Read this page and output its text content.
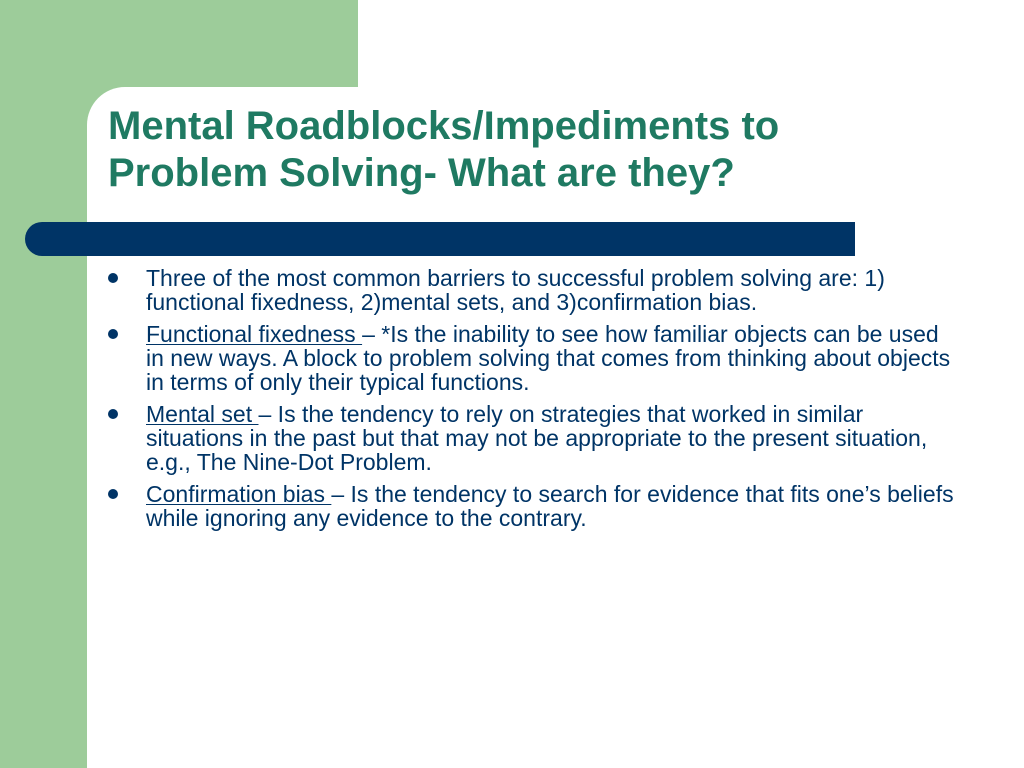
Mental Roadblocks/Impediments to
Problem Solving- What are they?
Three of the most common barriers to successful problem solving are: 1) functional fixedness, 2)mental sets, and 3)confirmation bias.
Functional fixedness – *Is the inability to see how familiar objects can be used in new ways. A block to problem solving that comes from thinking about objects in terms of only their typical functions.
Mental set – Is the tendency to rely on strategies that worked in similar situations in the past but that may not be appropriate to the present situation, e.g., The Nine-Dot Problem.
Confirmation bias – Is the tendency to search for evidence that fits one’s beliefs while ignoring any evidence to the contrary.
